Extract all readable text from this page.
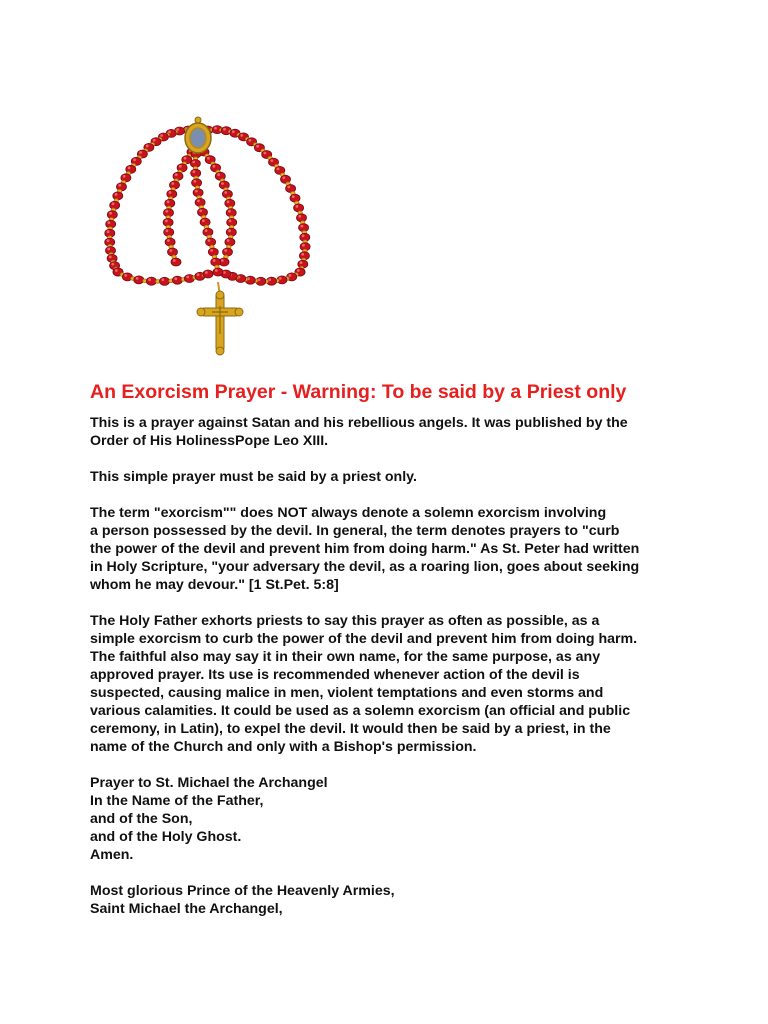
An Exorcism Prayer - Warning: To be said by a Priest only
This is a prayer against Satan and his rebellious angels. It was published by the
Order of His HolinessPope Leo XIII.
This simple prayer must be said by a priest only.
The term "exorcism"" does NOT always denote a solemn exorcism involving
a person possessed by the devil. In general, the term denotes prayers to "curb
the power of the devil and prevent him from doing harm." As St. Peter had written
in Holy Scripture, "your adversary the devil, as a roaring lion, goes about seeking
whom he may devour." [1 St.Pet. 5:8]
The Holy Father exhorts priests to say this prayer as often as possible, as a
simple exorcism to curb the power of the devil and prevent him from doing harm.
The faithful also may say it in their own name, for the same purpose, as any
approved prayer. Its use is recommended whenever action of the devil is
suspected, causing malice in men, violent temptations and even storms and
various calamities. It could be used as a solemn exorcism (an official and public
ceremony, in Latin), to expel the devil. It would then be said by a priest, in the
name of the Church and only with a Bishop's permission.
Prayer to St. Michael the Archangel
In the Name of the Father,
and of the Son,
and of the Holy Ghost.
Amen.
Most glorious Prince of the Heavenly Armies,
Saint Michael the Archangel,
